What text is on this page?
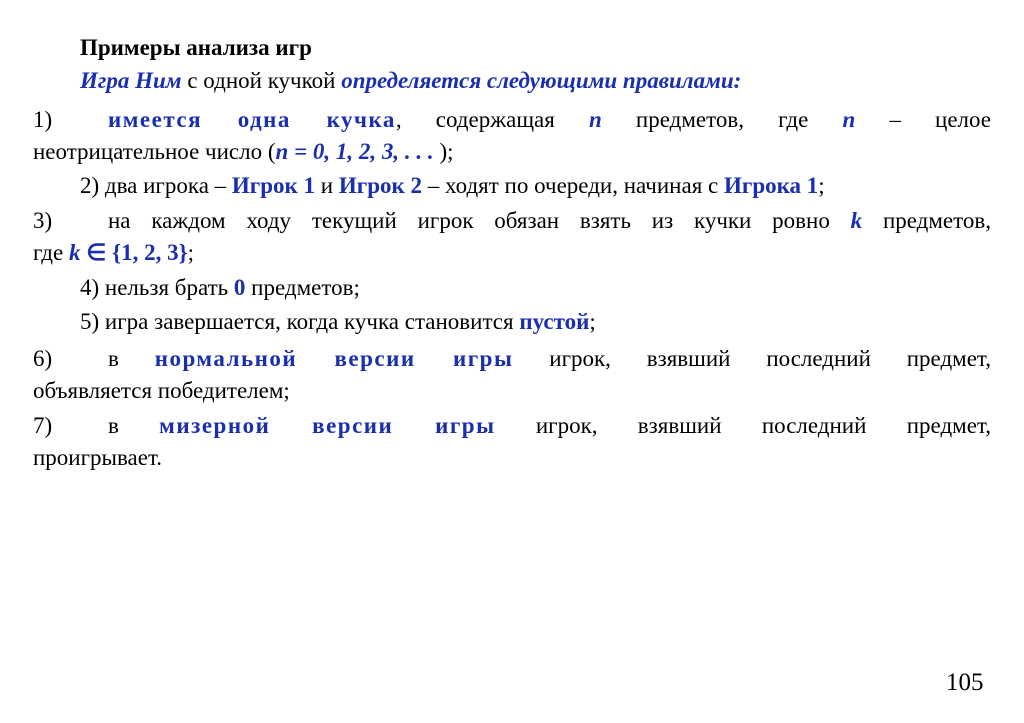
Примеры анализа игр
Игра Ним с одной кучкой определяется следующими правилами:
1) имеется одна кучка, содержащая n предметов, где n – целое
неотрицательное число (n = 0, 1, 2, 3, . . . );
2) два игрока – Игрок 1 и Игрок 2 – ходят по очереди, начиная с Игрока 1;
3) на каждом ходу текущий игрок обязан взять из кучки ровно k предметов,
где k ∈ {1, 2, 3};
4) нельзя брать 0 предметов;
5) игра завершается, когда кучка становится пустой;
6) в нормальной версии игры игрок, взявший последний предмет,
объявляется победителем;
7) в мизерной версии игры игрок, взявший последний предмет,
проигрывает.
105
